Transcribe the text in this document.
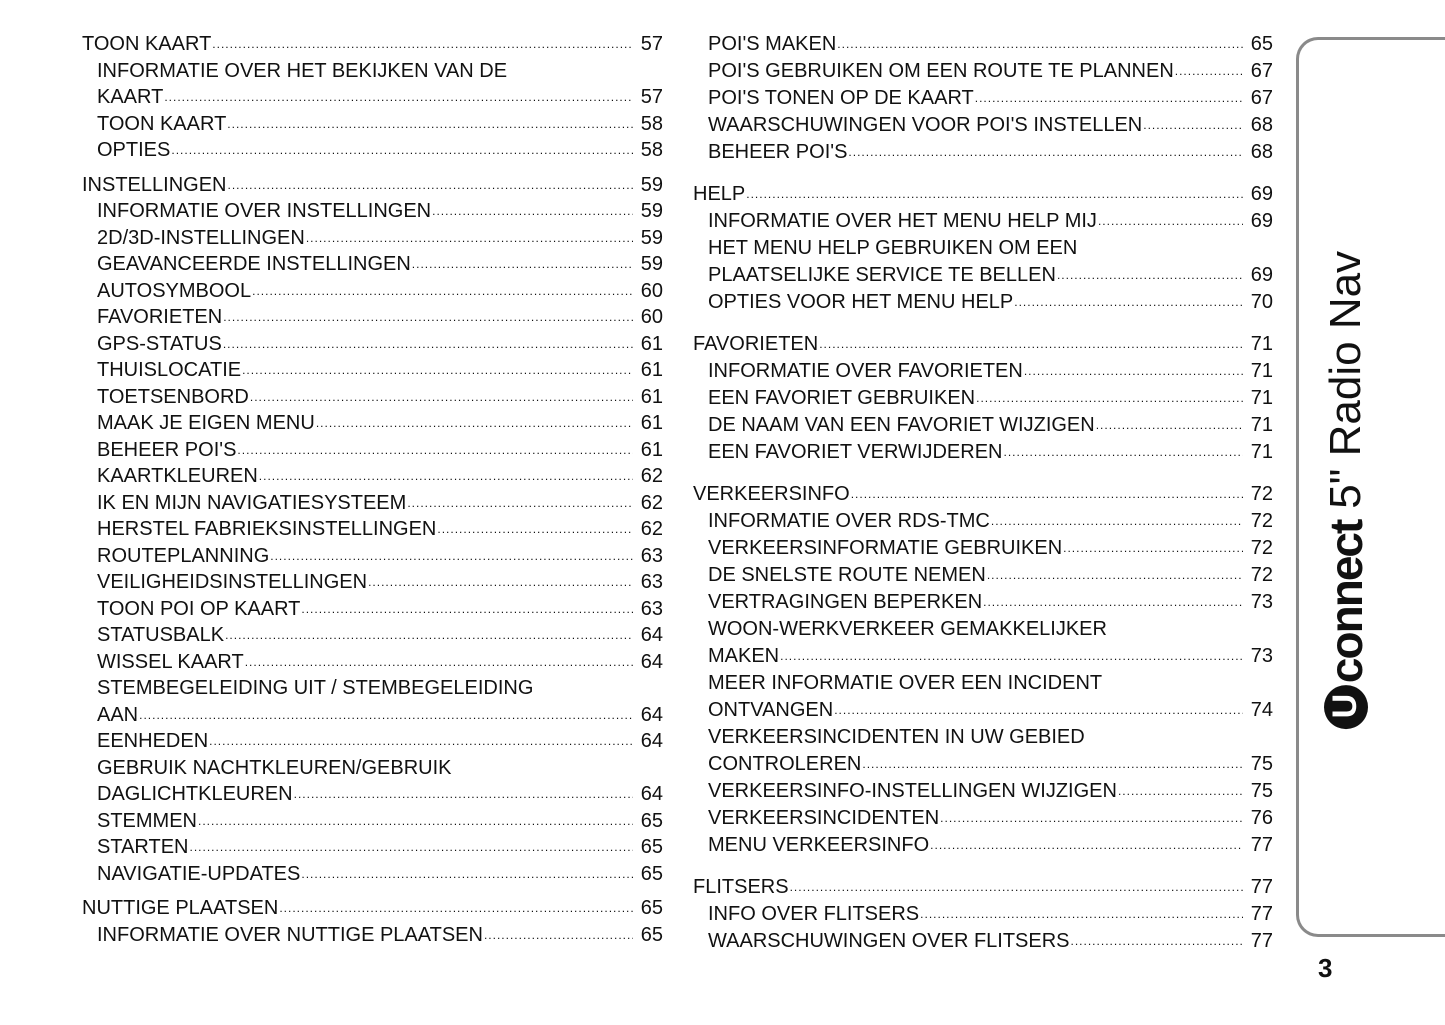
TOON KAART .....	57
INFORMATIE OVER HET BEKIJKEN VAN DE
KAART .....	57
TOON KAART .....	58
OPTIES .....	58
INSTELLINGEN .....	59
INFORMATIE OVER INSTELLINGEN .....	59
2D/3D-INSTELLINGEN .....	59
GEAVANCEERDE INSTELLINGEN .....	59
AUTOSYMBOOL .....	60
FAVORIETEN .....	60
GPS-STATUS .....	61
THUISLOCATIE .....	61
TOETSENBORD .....	61
MAAK JE EIGEN MENU .....	61
BEHEER POI'S .....	61
KAARTKLEUREN .....	62
IK EN MIJN NAVIGATIESYSTEEM .....	62
HERSTEL FABRIEKSINSTELLINGEN .....	62
ROUTEPLANNING .....	63
VEILIGHEIDSINSTELLINGEN .....	63
TOON POI OP KAART .....	63
STATUSBALK .....	64
WISSEL KAART .....	64
STEMBEGELEIDING UIT / STEMBEGELEIDING
AAN .....	64
EENHEDEN .....	64
GEBRUIK NACHTKLEUREN/GEBRUIK
DAGLICHTKLEUREN .....	64
STEMMEN .....	65
STARTEN .....	65
NAVIGATIE-UPDATES .....	65
NUTTIGE PLAATSEN .....	65
INFORMATIE OVER NUTTIGE PLAATSEN .....	65
POI'S MAKEN .....	65
POI'S GEBRUIKEN OM EEN ROUTE TE PLANNEN .....	67
POI'S TONEN OP DE KAART .....	67
WAARSCHUWINGEN VOOR POI'S INSTELLEN .....	68
BEHEER POI'S .....	68
HELP .....	69
INFORMATIE OVER HET MENU HELP MIJ .....	69
HET MENU HELP GEBRUIKEN OM EEN
PLAATSELIJKE SERVICE TE BELLEN .....	69
OPTIES VOOR HET MENU HELP .....	70
FAVORIETEN .....	71
INFORMATIE OVER FAVORIETEN .....	71
EEN FAVORIET GEBRUIKEN .....	71
DE NAAM VAN EEN FAVORIET WIJZIGEN .....	71
EEN FAVORIET VERWIJDEREN .....	71
VERKEERSINFO .....	72
INFORMATIE OVER RDS-TMC .....	72
VERKEERSINFORMATIE GEBRUIKEN .....	72
DE SNELSTE ROUTE NEMEN .....	72
VERTRAGINGEN BEPERKEN .....	73
WOON-WERKVERKEER GEMAKKELIJKER
MAKEN .....	73
MEER INFORMATIE OVER EEN INCIDENT
ONTVANGEN .....	74
VERKEERSINCIDENTEN IN UW GEBIED
CONTROLEREN .....	75
VERKEERSINFO-INSTELLINGEN WIJZIGEN .....	75
VERKEERSINCIDENTEN .....	76
MENU VERKEERSINFO .....	77
FLITSERS .....	77
INFO OVER FLITSERS .....	77
WAARSCHUWINGEN OVER FLITSERS .....	77
U
connect
5" Radio Nav
3
